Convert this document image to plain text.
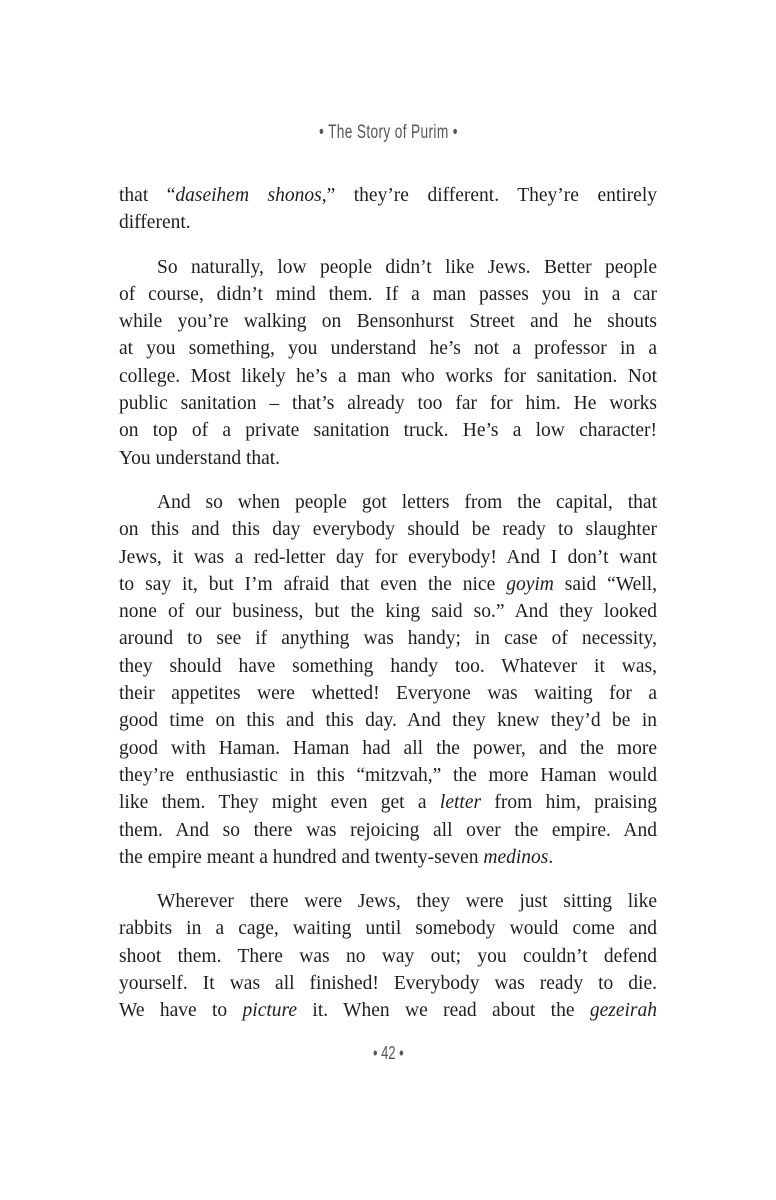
• The Story of Purim •
that “daseihem shonos,” they’re different. They’re entirely
different.
So naturally, low people didn’t like Jews. Better people
of course, didn’t mind them. If a man passes you in a car
while you’re walking on Bensonhurst Street and he shouts
at you something, you understand he’s not a professor in a
college. Most likely he’s a man who works for sanitation. Not
public sanitation – that’s already too far for him. He works
on top of a private sanitation truck. He’s a low character!
You understand that.
And so when people got letters from the capital, that
on this and this day everybody should be ready to slaughter
Jews, it was a red-letter day for everybody! And I don’t want
to say it, but I’m afraid that even the nice goyim said “Well,
none of our business, but the king said so.” And they looked
around to see if anything was handy; in case of necessity,
they should have something handy too. Whatever it was,
their appetites were whetted! Everyone was waiting for a
good time on this and this day. And they knew they’d be in
good with Haman. Haman had all the power, and the more
they’re enthusiastic in this “mitzvah,” the more Haman would
like them. They might even get a letter from him, praising
them. And so there was rejoicing all over the empire. And
the empire meant a hundred and twenty-seven medinos.
Wherever there were Jews, they were just sitting like
rabbits in a cage, waiting until somebody would come and
shoot them. There was no way out; you couldn’t defend
yourself. It was all finished! Everybody was ready to die.
We have to picture it. When we read about the gezeirah
• 42 •
